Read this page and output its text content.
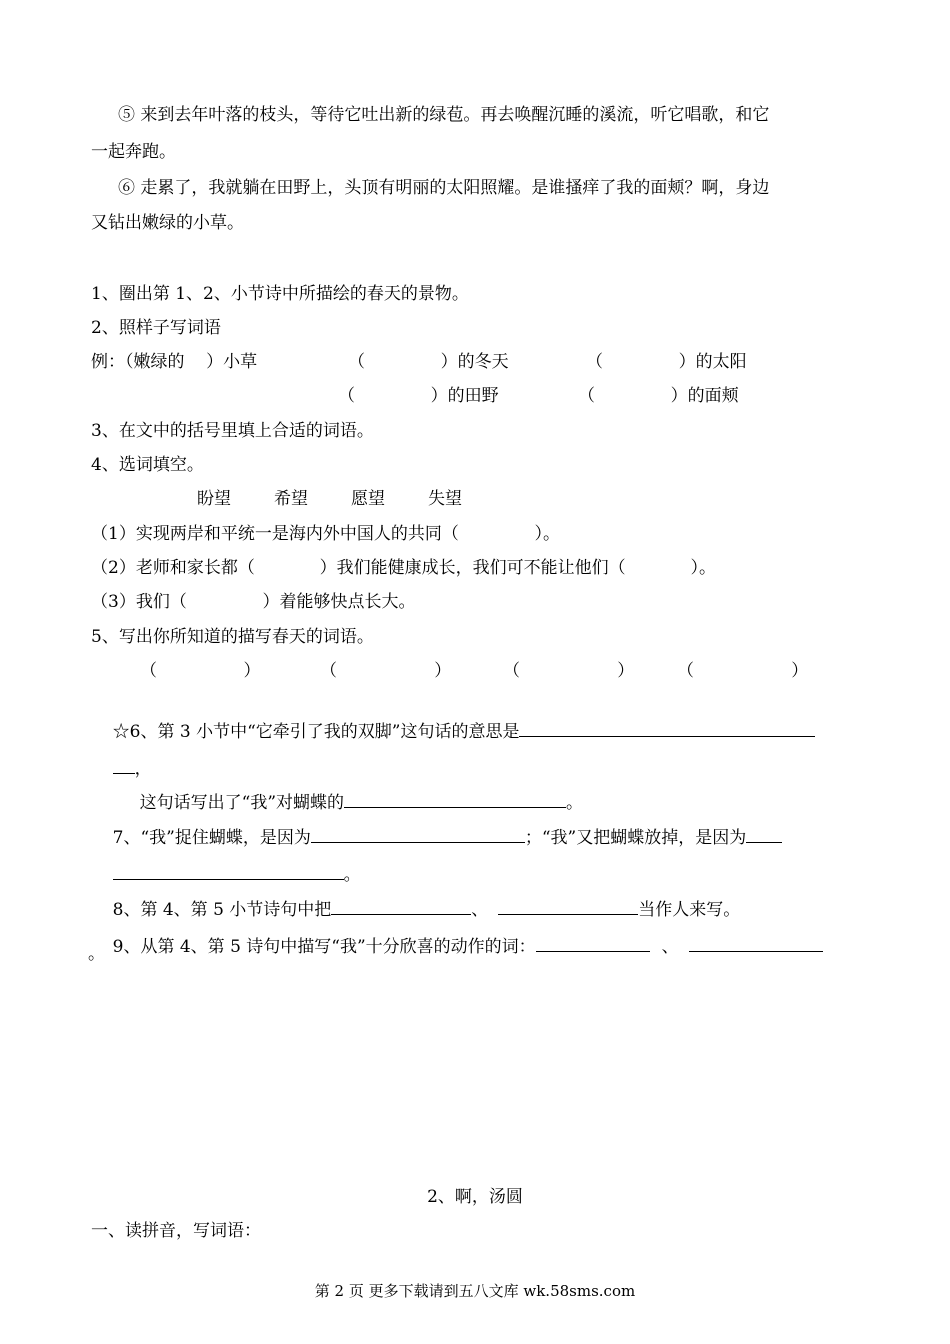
⑤ 来到去年叶落的枝头，等待它吐出新的绿苞。再去唤醒沉睡的溪流，听它唱歌，和它
一起奔跑。
⑥ 走累了，我就躺在田野上，头顶有明丽的太阳照耀。是谁搔痒了我的面颊？啊，身边
又钻出嫩绿的小草。
1、圈出第 1、2、小节诗中所描绘的春天的景物。
2、照样子写词语
例：（嫩绿的    ）小草	（              ）的冬天	（              ）的太阳
（              ）的田野	（              ）的面颊
3、在文中的括号里填上合适的词语。
4、选词填空。
盼望	希望	愿望	失望
（1）实现两岸和平统一是海内外中国人的共同（              ）。
（2）老师和家长都（            ）我们能健康成长，我们可不能让他们（            ）。
（3）我们（              ）着能够快点长大。
5、写出你所知道的描写春天的词语。
（                ）	（                  ）	（                  ）	（                  ）

☆6、第 3 小节中“它牵引了我的双脚”这句话的意思是

，

这句话写出了“我”对蝴蝶的	。

7、“我”捉住蝴蝶，是因为	；“我”又把蝴蝶放掉，是因为

。

8、第 4、第 5 小节诗句中把	、	当作人来写。

9、从第 4、第 5 诗句中描写“我”十分欣喜的动作的词：	、

。
2、啊，汤圆
一、读拼音，写词语：
第 2 页 更多下载请到五八文库 wk.58sms.com
